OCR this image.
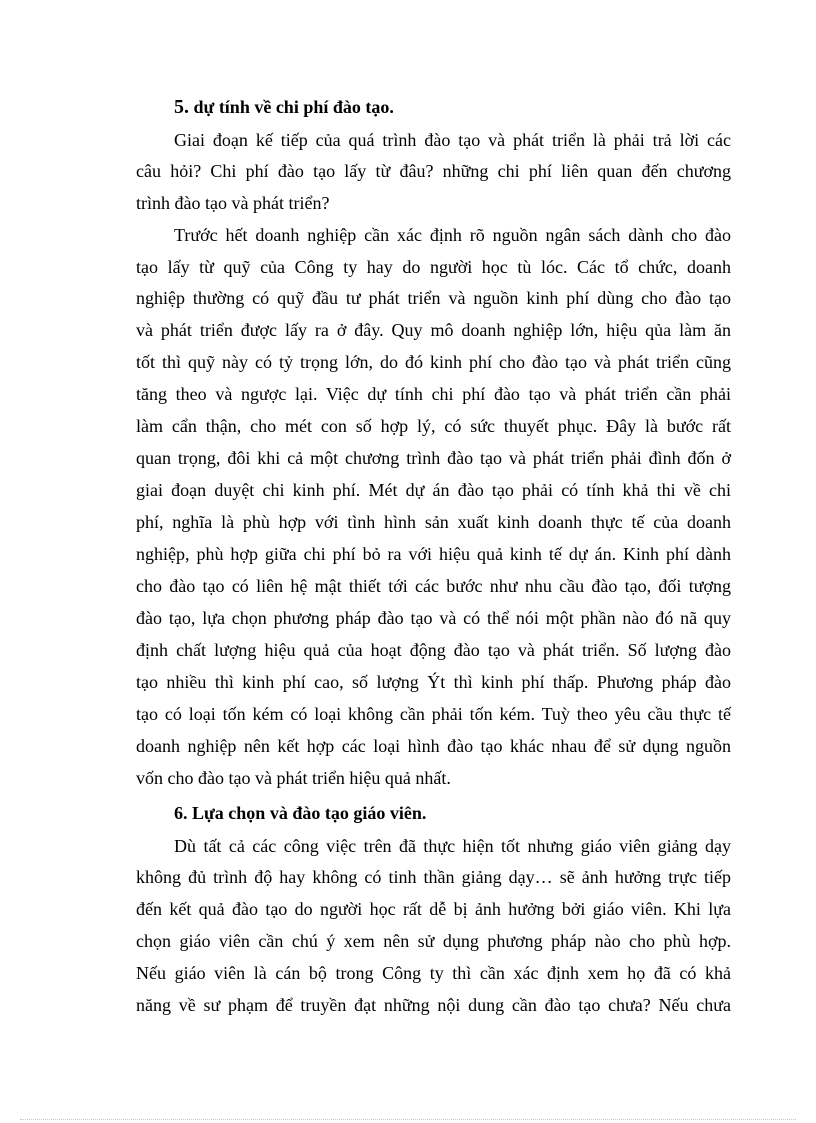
5. dự tính về chi phí đào tạo.
Giai đoạn kế tiếp của quá trình đào tạo và phát triển là phải trả lời các
câu hỏi? Chi phí đào tạo lấy từ đâu? những chi phí liên quan đến chương
trình đào tạo và phát triển?
Trước hết doanh nghiệp cần xác định rõ nguồn ngân sách dành cho đào
tạo lấy từ quỹ của Công ty hay do người học tù lóc. Các tổ chức, doanh
nghiệp thường có quỹ đầu tư phát triển và nguồn kinh phí dùng cho đào tạo
và phát triển được lấy ra ở đây. Quy mô doanh nghiệp lớn, hiệu qủa làm ăn
tốt thì quỹ này có tỷ trọng lớn, do đó kinh phí cho đào tạo và phát triển cũng
tăng theo và ngược lại. Việc dự tính chi phí đào tạo và phát triển cần phải
làm cẩn thận, cho mét con số hợp lý, có sức thuyết phục. Đây là bước rất
quan trọng, đôi khi cả một chương trình đào tạo và phát triển phải đình đốn ở
giai đoạn duyệt chi kinh phí. Mét dự án đào tạo phải có tính khả thi về chi
phí, nghĩa là phù hợp với tình hình sản xuất kinh doanh thực tế của doanh
nghiệp, phù hợp giữa chi phí bỏ ra với hiệu quả kinh tế dự án. Kinh phí dành
cho đào tạo có liên hệ mật thiết tới các bước như nhu cầu đào tạo, đối tượng
đào tạo, lựa chọn phương pháp đào tạo và có thể nói một phần nào đó nã quy
định chất lượng hiệu quả của hoạt động đào tạo và phát triển. Số lượng đào
tạo nhiều thì kinh phí cao, số lượng Ýt thì kinh phí thấp. Phương pháp đào
tạo có loại tốn kém có loại không cần phải tốn kém. Tuỳ theo yêu cầu thực tế
doanh nghiệp nên kết hợp các loại hình đào tạo khác nhau để sử dụng nguồn
vốn cho đào tạo và phát triển hiệu quả nhất.
6. Lựa chọn và đào tạo giáo viên.
Dù tất cả các công việc trên đã thực hiện tốt nhưng giáo viên giảng dạy
không đủ trình độ hay không có tinh thần giảng dạy… sẽ ảnh hưởng trực tiếp
đến kết quả đào tạo do người học rất dễ bị ảnh hưởng bởi giáo viên. Khi lựa
chọn giáo viên cần chú ý xem nên sử dụng phương pháp nào cho phù hợp.
Nếu giáo viên là cán bộ trong Công ty thì cần xác định xem họ đã có khả
năng về sư phạm để truyền đạt những nội dung cần đào tạo chưa? Nếu chưa
